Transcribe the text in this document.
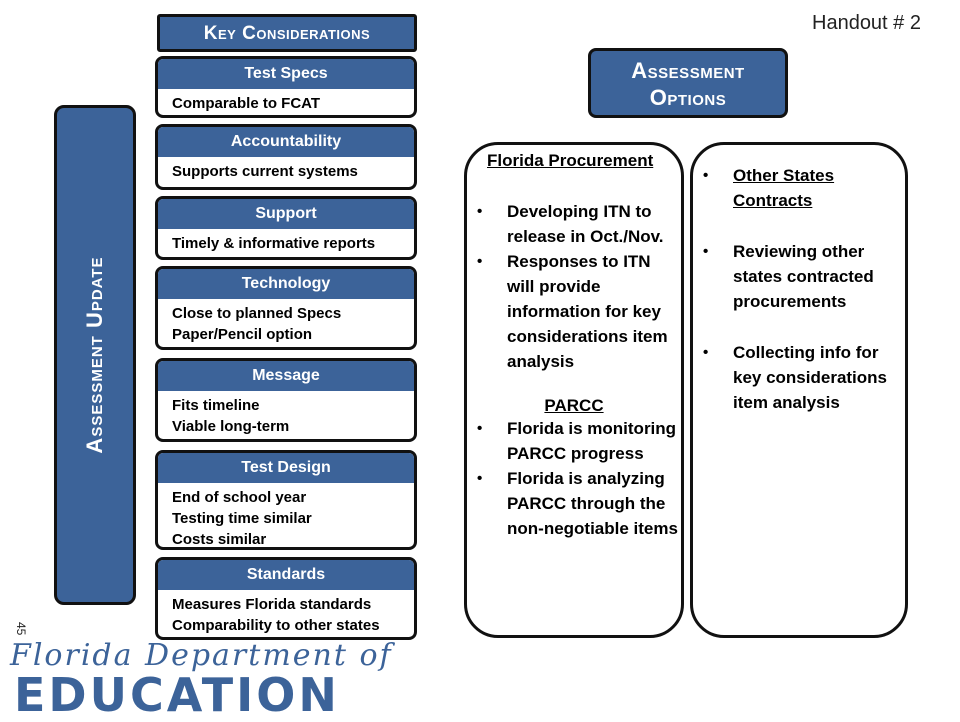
Handout # 2
Assessment Update
Key Considerations
Test Specs
Comparable to FCAT
Accountability
Supports current systems
Support
Timely & informative reports
Technology
Close to planned Specs
Paper/Pencil option
Message
Fits timeline
Viable long-term
Test Design
End of school year
Testing time similar
Costs similar
Standards
Measures Florida standards
Comparability to other states
Assessment
Options
Florida Procurement
• Developing ITN to release in Oct./Nov.
• Responses to ITN will provide information for key considerations item analysis
PARCC
• Florida is monitoring PARCC progress
• Florida is analyzing PARCC through the non-negotiable items
• Other States Contracts
• Reviewing other states contracted procurements
• Collecting info for key considerations item analysis
45
Florida Department of
EDUCATION
